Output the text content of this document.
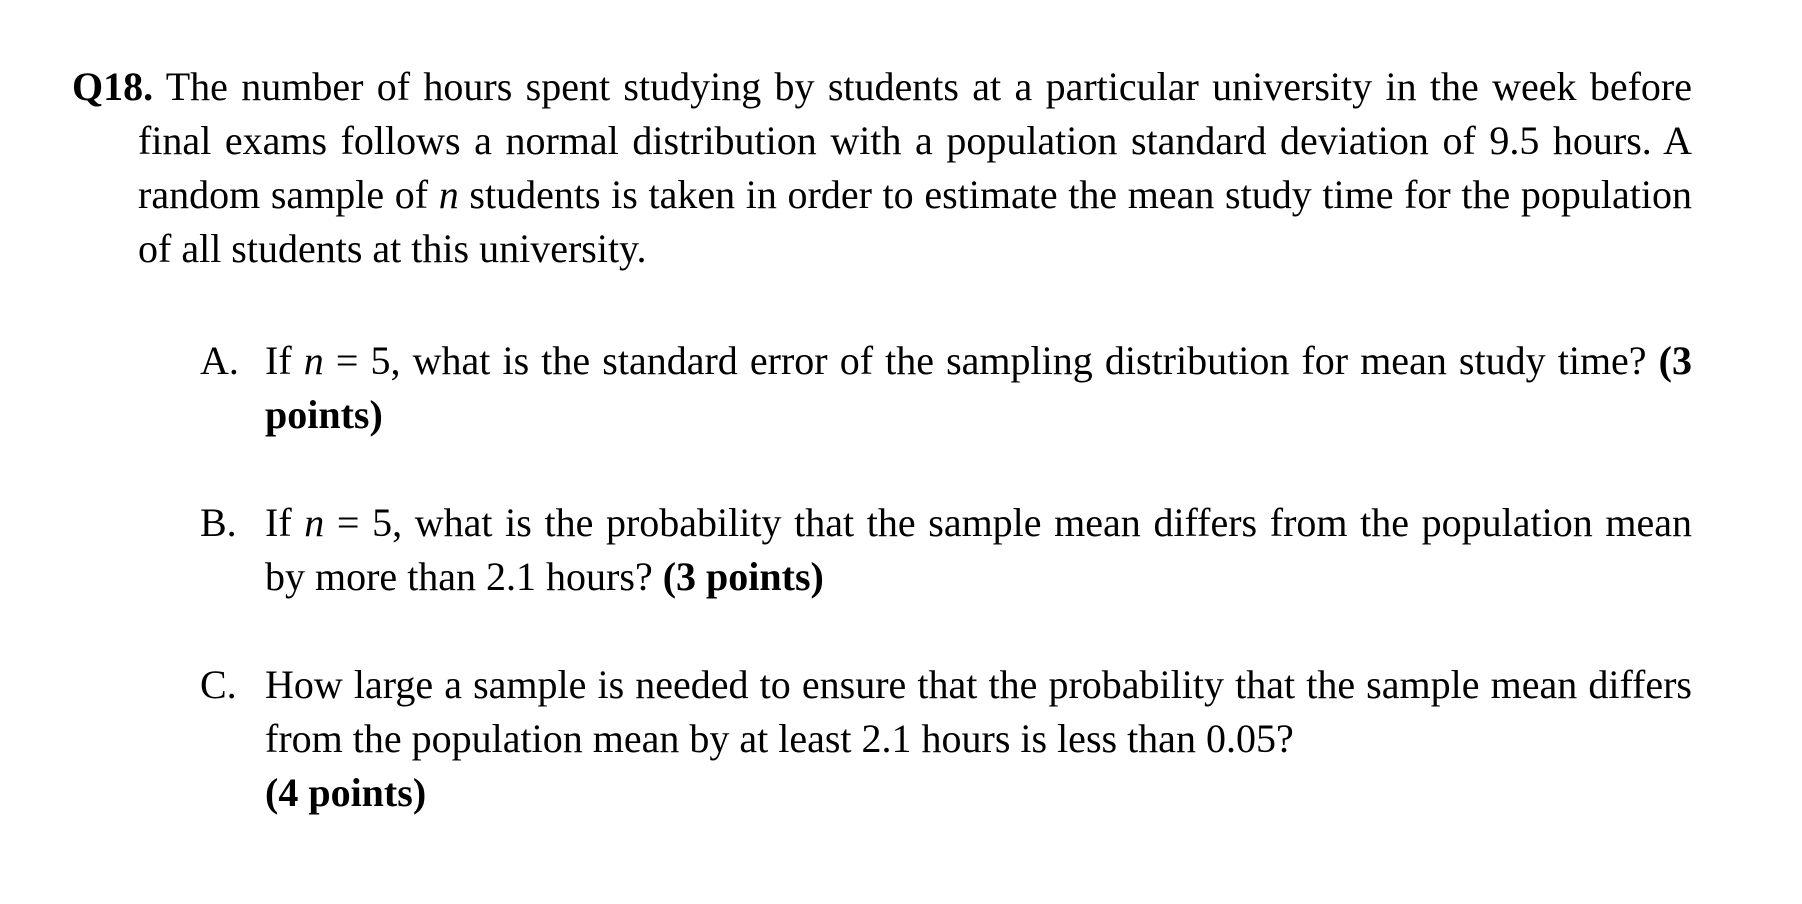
Q18. The number of hours spent studying by students at a particular university in the week before final exams follows a normal distribution with a population standard deviation of 9.5 hours. A random sample of n students is taken in order to estimate the mean study time for the population of all students at this university.

A. If n = 5, what is the standard error of the sampling distribution for mean study time? (3 points)
B. If n = 5, what is the probability that the sample mean differs from the population mean by more than 2.1 hours? (3 points)
C. How large a sample is needed to ensure that the probability that the sample mean differs from the population mean by at least 2.1 hours is less than 0.05?
(4 points)
